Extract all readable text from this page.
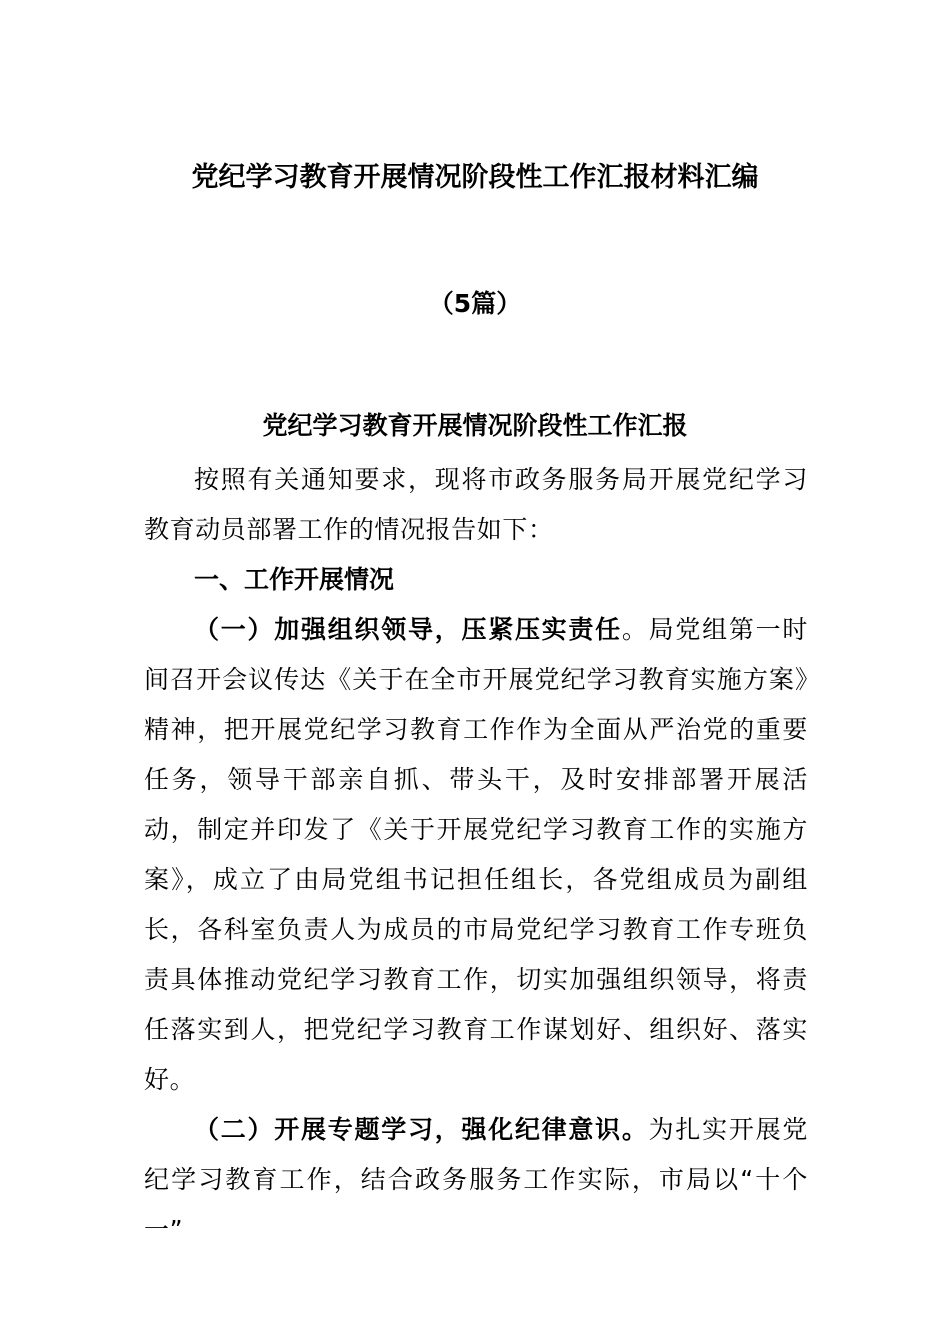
党纪学习教育开展情况阶段性工作汇报材料汇编
（5篇）
党纪学习教育开展情况阶段性工作汇报

按照有关通知要求，现将市政务服务局开展党纪学习教育动员部署工作的情况报告如下：

一、工作开展情况

（一）加强组织领导，压紧压实责任。局党组第一时间召开会议传达《关于在全市开展党纪学习教育实施方案》精神，把开展党纪学习教育工作作为全面从严治党的重要任务，领导干部亲自抓、带头干，及时安排部署开展活动，制定并印发了《关于开展党纪学习教育工作的实施方案》，成立了由局党组书记担任组长，各党组成员为副组长，各科室负责人为成员的市局党纪学习教育工作专班负责具体推动党纪学习教育工作，切实加强组织领导，将责任落实到人，把党纪学习教育工作谋划好、组织好、落实好。

（二）开展专题学习，强化纪律意识。为扎实开展党纪学习教育工作，结合政务服务工作实际，市局以“十个一”
